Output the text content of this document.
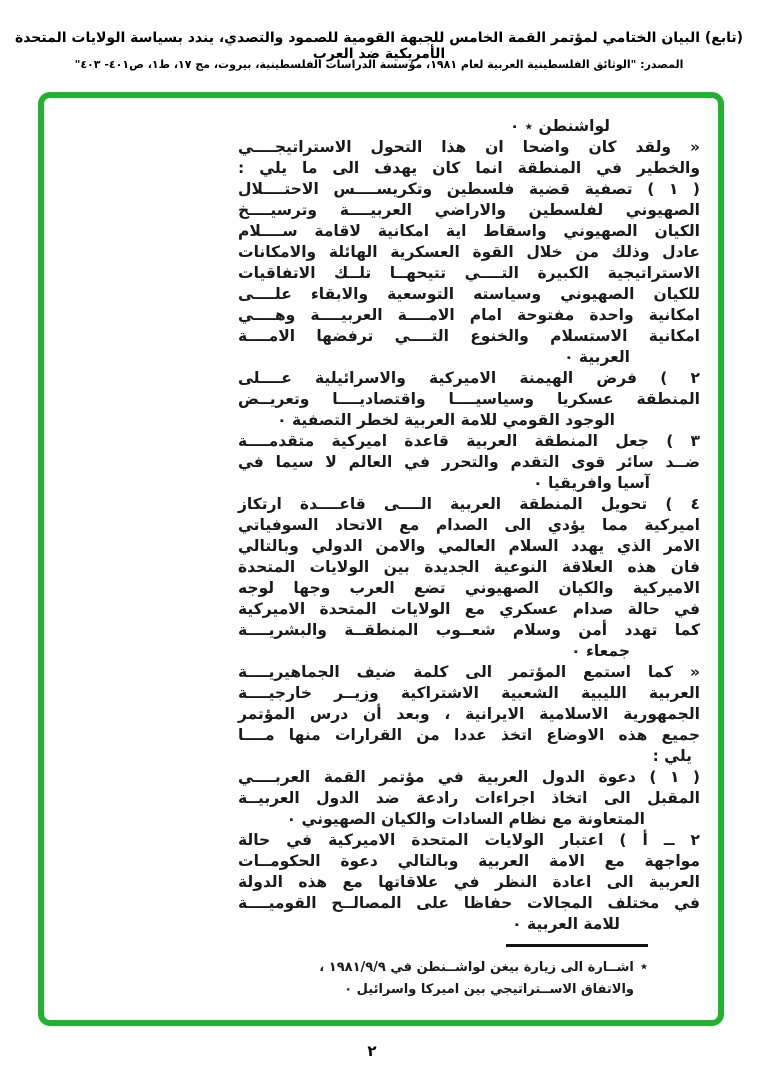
(تابع) البيان الختامي لمؤتمر القمة الخامس للجبهة القومية للصمود والتصدي، يندد بسياسة الولايات المتحدة الأمريكية ضد العرب
المصدر: "الوثائق الفلسطينية العربية لعام ١٩٨١، مؤسسة الدراسات الفلسطينية، بيروت، مج ١٧، ط١، ص٤٠١- ٤٠٣"
لواشنطن ٭ ٠
« ولقد كان واضحا ان هذا التحول الاستراتيجــــي
والخطير في المنطقة انما كان يهدف الى ما يلي :
( ١ ) تصفية قضية فلسطين وتكريســــس الاحتــــلال
الصهيوني لفلسطين والاراضي العربيــــة وترسيــــخ
الكيان الصهيوني واسقاط اية امكانية لاقامة ســــلام
عادل وذلك من خلال القوة العسكرية الهائلة والامكانات
الاستراتيجية الكبيرة التــــي تتيحهــا تلــك الاتفاقيات
للكيان الصهيوني وسياسته التوسعية والابقاء علــــى
امكانية واحدة مفتوحة امام الامــــة العربيــــة وهــــي
امكانية الاستسلام والخنوع التــــي ترفضها الامــــة
العربية ٠
٢ ) فرض الهيمنة الاميركية والاسرائيلية عــــلى
المنطقة عسكريا وسياسيــــا واقتصاديــــا وتعريــض
الوجود القومي للامة العربية لخطر التصفية ٠
٣ ) جعل المنطقة العربية قاعدة اميركية متقدمــــة
ضــد سائر قوى التقدم والتحرر في العالم لا سيما في
آسيا وافريقيا ٠
٤ ) تحويل المنطقة العربية الــــى قاعــــدة ارتكاز
اميركية مما يؤدي الى الصدام مع الاتحاد السوفياتي
الامر الذي يهدد السلام العالمي والامن الدولي وبالتالي
فان هذه العلاقة النوعية الجديدة بين الولايات المتحدة
الاميركية والكيان الصهيوني تضع العرب وجها لوجه
في حالة صدام عسكري مع الولايات المتحدة الاميركية
كما تهدد أمن وسلام شعــوب المنطقــة والبشريــــة
جمعاء ٠
« كما استمع المؤتمر الى كلمة ضيف الجماهيريــــة
العربية الليبية الشعبية الاشتراكية وزيــر خارجيــــة
الجمهورية الاسلامية الايرانية ، وبعد أن درس المؤتمر
جميع هذه الاوضاع اتخذ عددا من القرارات منها مــــا
يلي :
( ١ ) دعوة الدول العربية في مؤتمر القمة العربــــي
المقبل الى اتخاذ اجراءات رادعة ضد الدول العربيــة
المتعاونة مع نظام السادات والكيان الصهيوني ٠
٢ ــ أ ) اعتبار الولايات المتحدة الاميركية في حالة
مواجهة مع الامة العربية وبالتالي دعوة الحكومــات
العربية الى اعادة النظر في علاقاتها مع هذه الدولة
في مختلف المجالات حفاظا على المصالــح القوميــــة
للامة العربية ٠
٭اشــارة الى زيارة بيغن لواشــنطن في ١٩٨١/٩/٩ ،
والاتفاق الاســتراتيجي بين اميركا واسرائيل ٠
٢
